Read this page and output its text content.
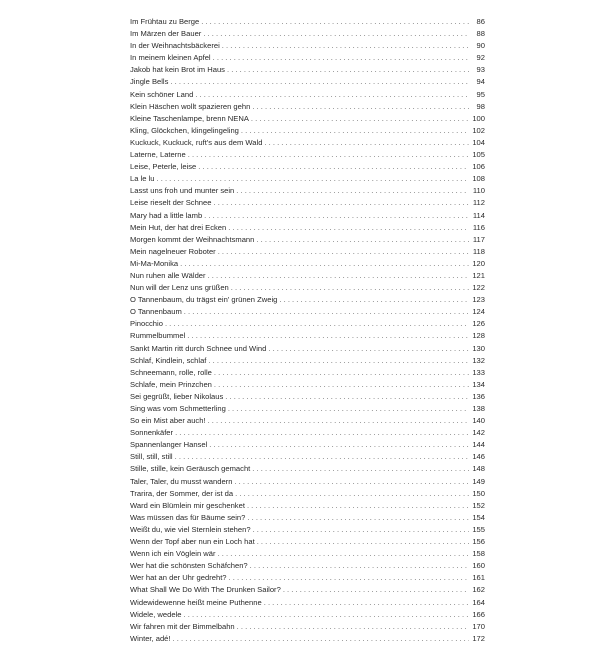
Im Frühtau zu Berge . . .	86
Im Märzen der Bauer . . .	88
In der Weihnachtsbäckerei . . .	90
In meinem kleinen Apfel . . .	92
Jakob hat kein Brot im Haus . . .	93
Jingle Bells . . .	94
Kein schöner Land . . .	95
Klein Häschen wollt spazieren gehn . . .	98
Kleine Taschenlampe, brenn NENA . . .	100
Kling, Glöckchen, klingelingeling . . .	102
Kuckuck, Kuckuck, ruft's aus dem Wald . . .	104
Laterne, Laterne . . .	105
Leise, Peterle, leise . . .	106
La le lu . . .	108
Lasst uns froh und munter sein . . .	110
Leise rieselt der Schnee . . .	112
Mary had a little lamb . . .	114
Mein Hut, der hat drei Ecken . . .	116
Morgen kommt der Weihnachtsmann . . .	117
Mein nagelneuer Roboter . . .	118
Mi-Ma-Monika . . .	120
Nun ruhen alle Wälder . . .	121
Nun will der Lenz uns grüßen . . .	122
O Tannenbaum, du trägst ein' grünen Zweig . . .	123
O Tannenbaum . . .	124
Pinocchio . . .	126
Rummelbummel . . .	128
Sankt Martin ritt durch Schnee und Wind . . .	130
Schlaf, Kindlein, schlaf . . .	132
Schneemann, rolle, rolle . . .	133
Schlafe, mein Prinzchen . . .	134
Sei gegrüßt, lieber Nikolaus . . .	136
Sing was vom Schmetterling . . .	138
So ein Mist aber auch! . . .	140
Sonnenkäfer . . .	142
Spannenlanger Hansel . . .	144
Still, still, still . . .	146
Stille, stille, kein Geräusch gemacht . . .	148
Taler, Taler, du musst wandern . . .	149
Trarira, der Sommer, der ist da . . .	150
Ward ein Blümlein mir geschenket . . .	152
Was müssen das für Bäume sein? . . .	154
Weißt du, wie viel Sternlein stehen? . . .	155
Wenn der Topf aber nun ein Loch hat . . .	156
Wenn ich ein Vöglein wär . . .	158
Wer hat die schönsten Schäfchen? . . .	160
Wer hat an der Uhr gedreht? . . .	161
What Shall We Do With The Drunken Sailor? . . .	162
Widewidewenne heißt meine Puthenne . . .	164
Widele, wedele . . .	166
Wir fahren mit der Bimmelbahn . . .	170
Winter, adé! . . .	172
